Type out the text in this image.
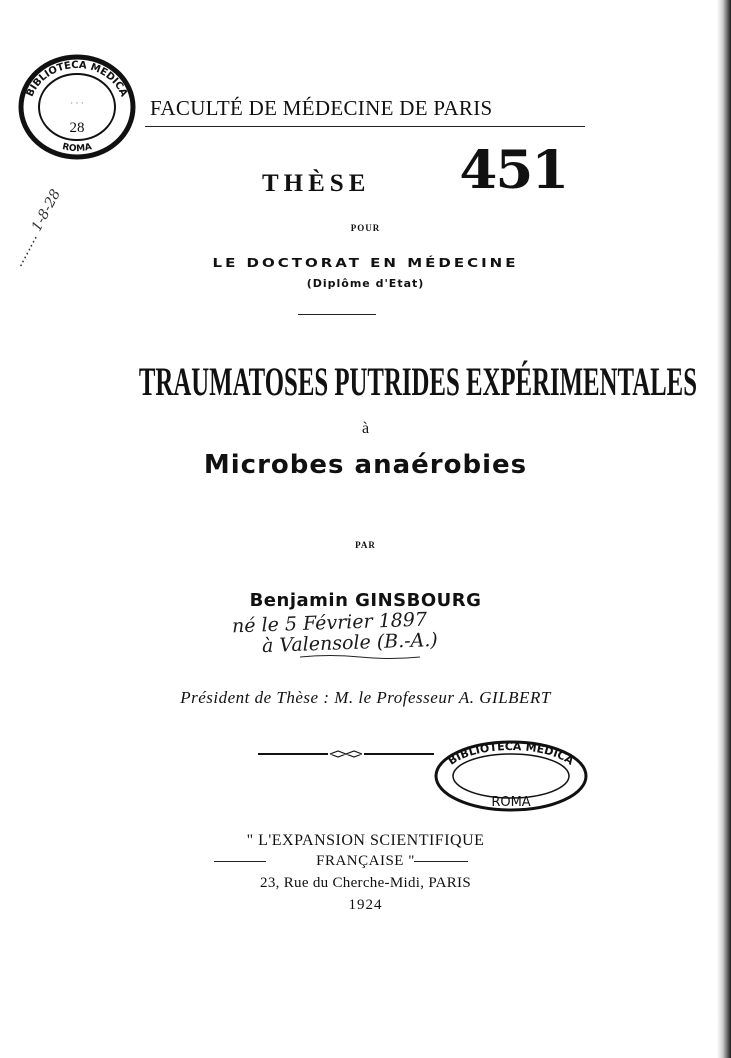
BIBLIOTECA MEDICA
ROMA
28
· · ·	FACULTÉ DE MÉDECINE DE PARIS
THÈSE 451
........ 1-8-28	POUR
LE DOCTORAT EN MÉDECINE
(Diplôme d'Etat)
TRAUMATOSES PUTRIDES EXPÉRIMENTALES
à
Microbes anaérobies
PAR
Benjamin GINSBOURG
né le 5 Février 1897
à Valensole (B.-A.)
Président de Thèse : M. le Professeur A. GILBERT
BIBLIOTECA MEDICA
ROMA
" L'EXPANSION SCIENTIFIQUE
FRANÇAISE "
23, Rue du Cherche-Midi, PARIS
1924
